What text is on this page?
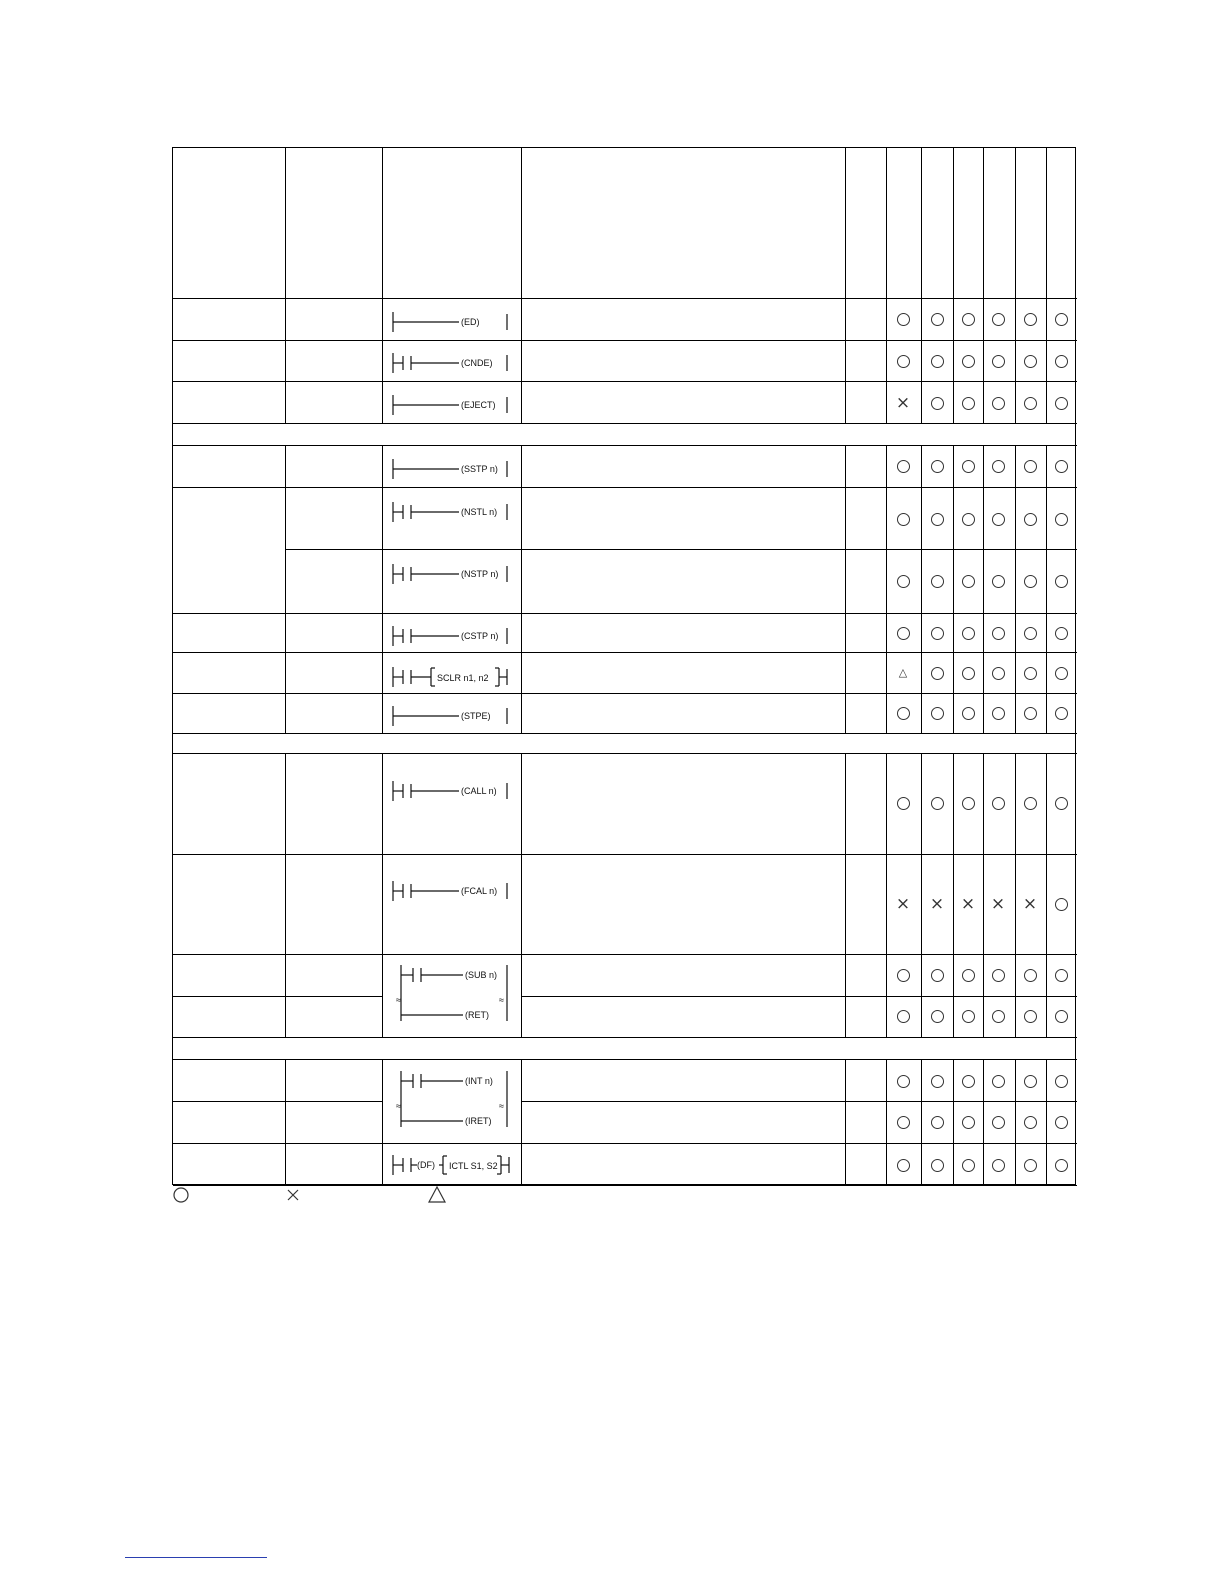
×
△
×
×
×
×
×
(ED)
(CNDE)
(EJECT)
(SSTP n)
(NSTL n)
(NSTP n)
(CSTP n)
SCLR n1, n2
(STPE)
(CALL n)
(FCAL n)
(SUB n)
≈	≈
(RET)
(INT n)
≈	≈
(IRET)
(DF) ICTL S1, S2
